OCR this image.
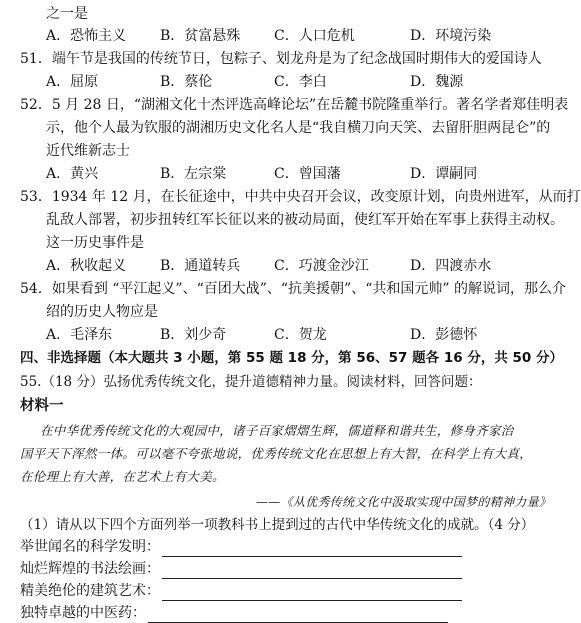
之一是
A．恐怖主义 B．贫富悬殊 C．人口危机	D．环境污染
51．端午节是我国的传统节日，包粽子、划龙舟是为了纪念战国时期伟大的爱国诗人
A．屈原	B．蔡伦	C．李白	D．魏源
52．5 月 28 日，“湖湘文化十杰评选高峰论坛”在岳麓书院隆重举行。著名学者郑佳明表
示，他个人最为钦服的湖湘历史文化名人是“我自横刀向天笑、去留肝胆两昆仑”的
近代维新志士
A．黄兴	B．左宗棠	C．曾国藩	D．谭嗣同
53．1934 年 12 月，在长征途中，中共中央召开会议，改变原计划，向贵州进军，从而打
乱敌人部署，初步扭转红军长征以来的被动局面，使红军开始在军事上获得主动权。
这一历史事件是
A．秋收起义 B．通道转兵 C．巧渡金沙江	D．四渡赤水
54．如果看到 “平江起义”、“百团大战”、“抗美援朝”、“共和国元帅” 的解说词，那么介
绍的历史人物应是
A．毛泽东	B．刘少奇	C．贺龙	D．彭德怀
四、非选择题（本大题共 3 小题，第 55 题 18 分，第 56、57 题各 16 分，共 50 分）
55.（18 分）弘扬优秀传统文化，提升道德精神力量。阅读材料，回答问题：
材料一
在中华优秀传统文化的大观园中，诸子百家熠熠生辉，儒道释和谐共生，修身齐家治
国平天下浑然一体。可以毫不夸张地说，优秀传统文化在思想上有大智，在科学上有大真，
在伦理上有大善，在艺术上有大美。
——《从优秀传统文化中汲取实现中国梦的精神力量》
（1）请从以下四个方面列举一项教科书上提到过的古代中华传统文化的成就。（4 分）
举世闻名的科学发明：
灿烂辉煌的书法绘画：
精美绝伦的建筑艺术：
独特卓越的中医药：
